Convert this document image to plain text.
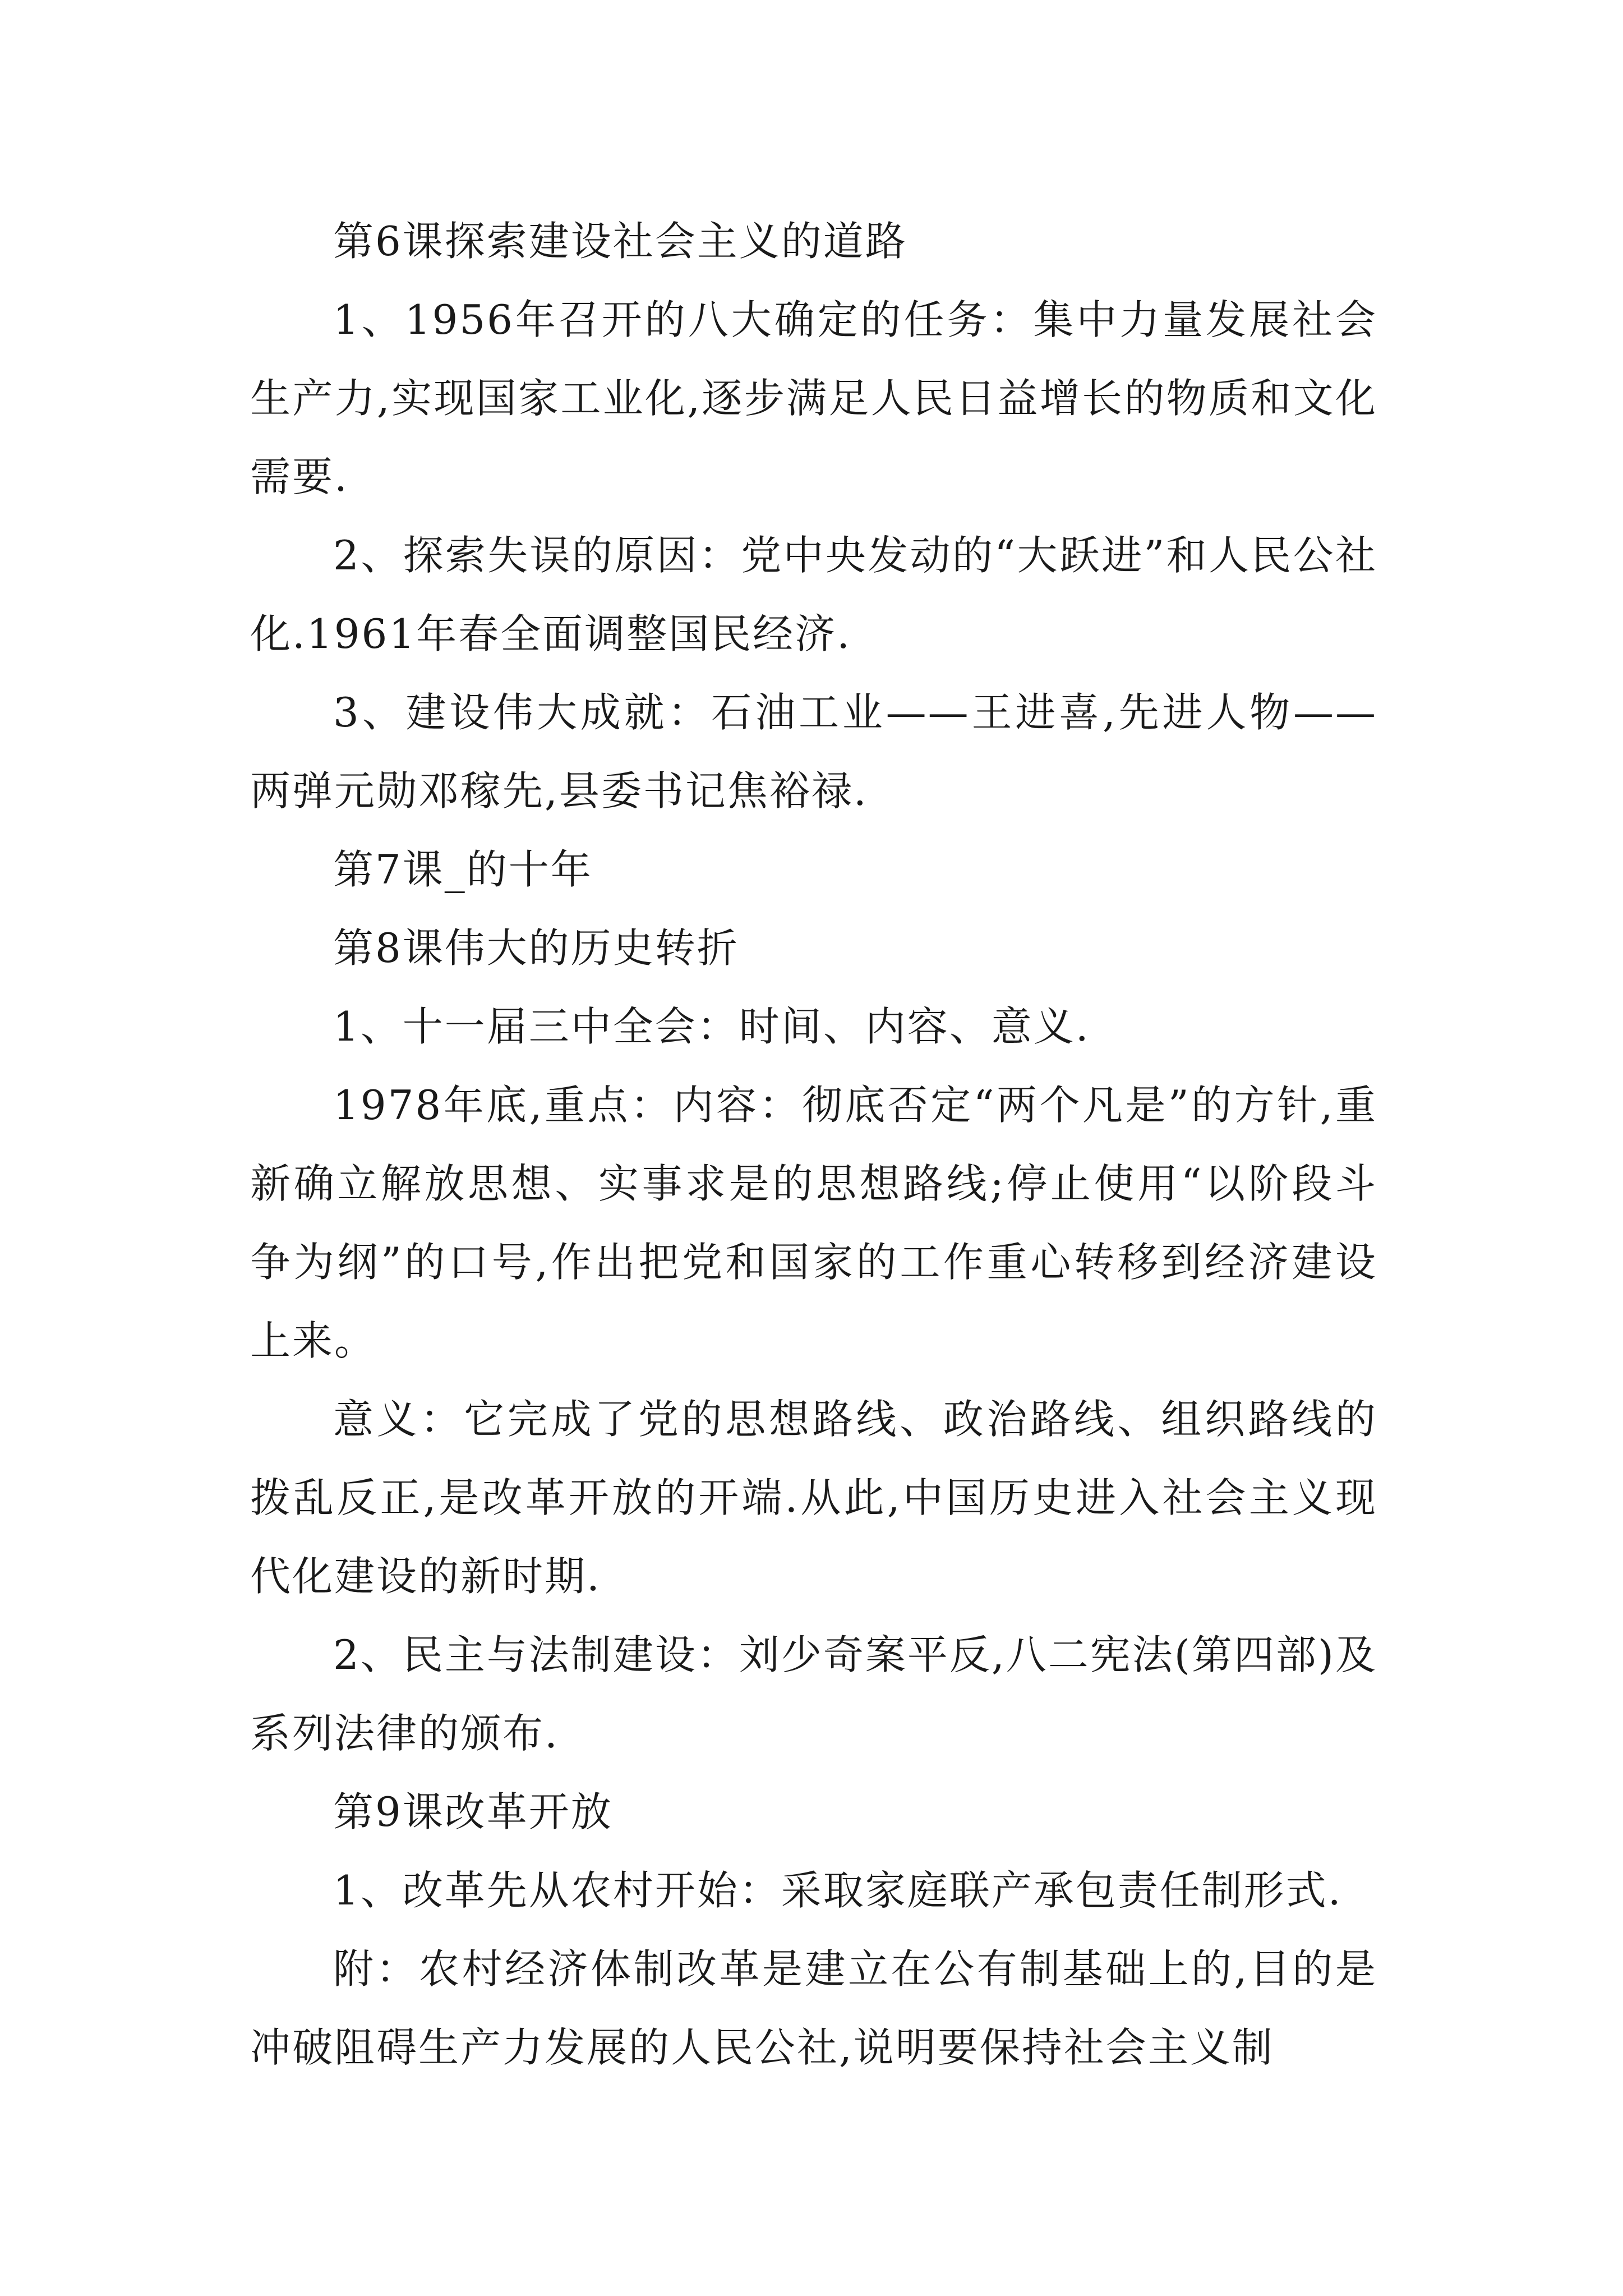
第6课探索建设社会主义的道路

1、1956年召开的八大确定的任务：集中力量发展社会生产力,实现国家工业化,逐步满足人民日益增长的物质和文化需要.

2、探索失误的原因：党中央发动的“大跃进”和人民公社化.1961年春全面调整国民经济.

3、建设伟大成就：石油工业——王进喜,先进人物——两弹元勋邓稼先,县委书记焦裕禄.

第7课_的十年

第8课伟大的历史转折

1、十一届三中全会：时间、内容、意义.

1978年底,重点：内容：彻底否定“两个凡是”的方针,重新确立解放思想、实事求是的思想路线;停止使用“以阶段斗争为纲”的口号,作出把党和国家的工作重心转移到经济建设上来。

意义：它完成了党的思想路线、政治路线、组织路线的拨乱反正,是改革开放的开端.从此,中国历史进入社会主义现代化建设的新时期.

2、民主与法制建设：刘少奇案平反,八二宪法(第四部)及系列法律的颁布.

第9课改革开放

1、改革先从农村开始：采取家庭联产承包责任制形式.

附：农村经济体制改革是建立在公有制基础上的,目的是冲破阻碍生产力发展的人民公社,说明要保持社会主义制
